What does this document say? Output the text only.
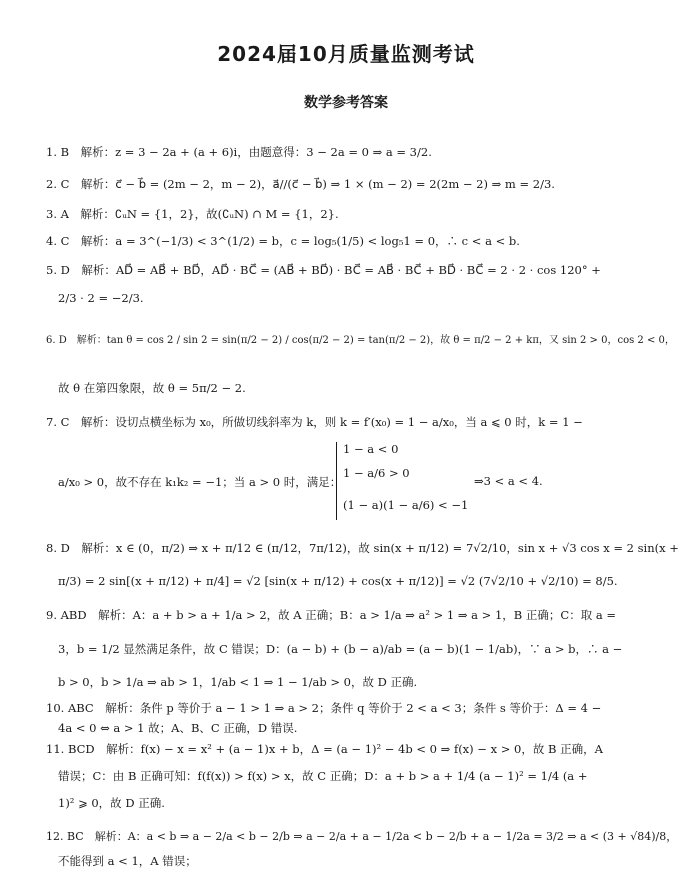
2024届10月质量监测考试
数学参考答案
1. B　解析：z = 3 − 2a + (a + 6)i，由题意得：3 − 2a = 0 ⇒ a = 3/2.
2. C　解析：c⃗ − b⃗ = (2m − 2，m − 2)，a⃗//(c⃗ − b⃗) ⇒ 1 × (m − 2) = 2(2m − 2) ⇒ m = 2/3.
3. A　解析：∁ᵤN = {1，2}，故(∁ᵤN) ∩ M = {1，2}.
4. C　解析：a = 3^(−1/3) < 3^(1/2) = b，c = log₅(1/5) < log₅1 = 0，∴ c < a < b.
5. D　解析：AD⃗ = AB⃗ + BD⃗，AD⃗ · BC⃗ = (AB⃗ + BD⃗) · BC⃗ = AB⃗ · BC⃗ + BD⃗ · BC⃗ = 2 · 2 · cos 120° +
2/3 · 2 = −2/3.
6. D　解析：tan θ = cos 2 / sin 2 = sin(π/2 − 2) / cos(π/2 − 2) = tan(π/2 − 2)，故 θ = π/2 − 2 + kπ，又 sin 2 > 0，cos 2 < 0，
故 θ 在第四象限，故 θ = 5π/2 − 2.
7. C　解析：设切点横坐标为 x₀，所做切线斜率为 k，则 k = f′(x₀) = 1 − a/x₀，当 a ⩽ 0 时，k = 1 −
a/x₀ > 0，故不存在 k₁k₂ = −1；当 a > 0 时，满足：
1 − a < 0
1 − a/6 > 0
(1 − a)(1 − a/6) < −1
⇒3 < a < 4.
8. D　解析：x ∈ (0，π/2) ⇒ x + π/12 ∈ (π/12，7π/12)，故 sin(x + π/12) = 7√2/10，sin x + √3 cos x = 2 sin(x +
π/3) = 2 sin[(x + π/12) + π/4] = √2 [sin(x + π/12) + cos(x + π/12)] = √2 (7√2/10 + √2/10) = 8/5.
9. ABD　解析：A：a + b > a + 1/a > 2，故 A 正确；B：a > 1/a ⇒ a² > 1 ⇒ a > 1，B 正确；C：取 a =
3，b = 1/2 显然满足条件，故 C 错误；D：(a − b) + (b − a)/ab = (a − b)(1 − 1/ab)，∵ a > b，∴ a −
b > 0，b > 1/a ⇒ ab > 1，1/ab < 1 ⇒ 1 − 1/ab > 0，故 D 正确.
10. ABC　解析：条件 p 等价于 a − 1 > 1 ⇒ a > 2；条件 q 等价于 2 < a < 3；条件 s 等价于：Δ = 4 −
4a < 0 ⇔ a > 1 故；A、B、C 正确，D 错误.
11. BCD　解析：f(x) − x = x² + (a − 1)x + b，Δ = (a − 1)² − 4b < 0 ⇒ f(x) − x > 0，故 B 正确，A
错误；C：由 B 正确可知：f(f(x)) > f(x) > x，故 C 正确；D：a + b > a + 1/4 (a − 1)² = 1/4 (a +
1)² ⩾ 0，故 D 正确.
12. BC　解析：A：a < b ⇒ a − 2/a < b − 2/b ⇒ a − 2/a + a − 1/2a < b − 2/b + a − 1/2a = 3/2 ⇒ a < (3 + √84)/8，
不能得到 a < 1，A 错误；
